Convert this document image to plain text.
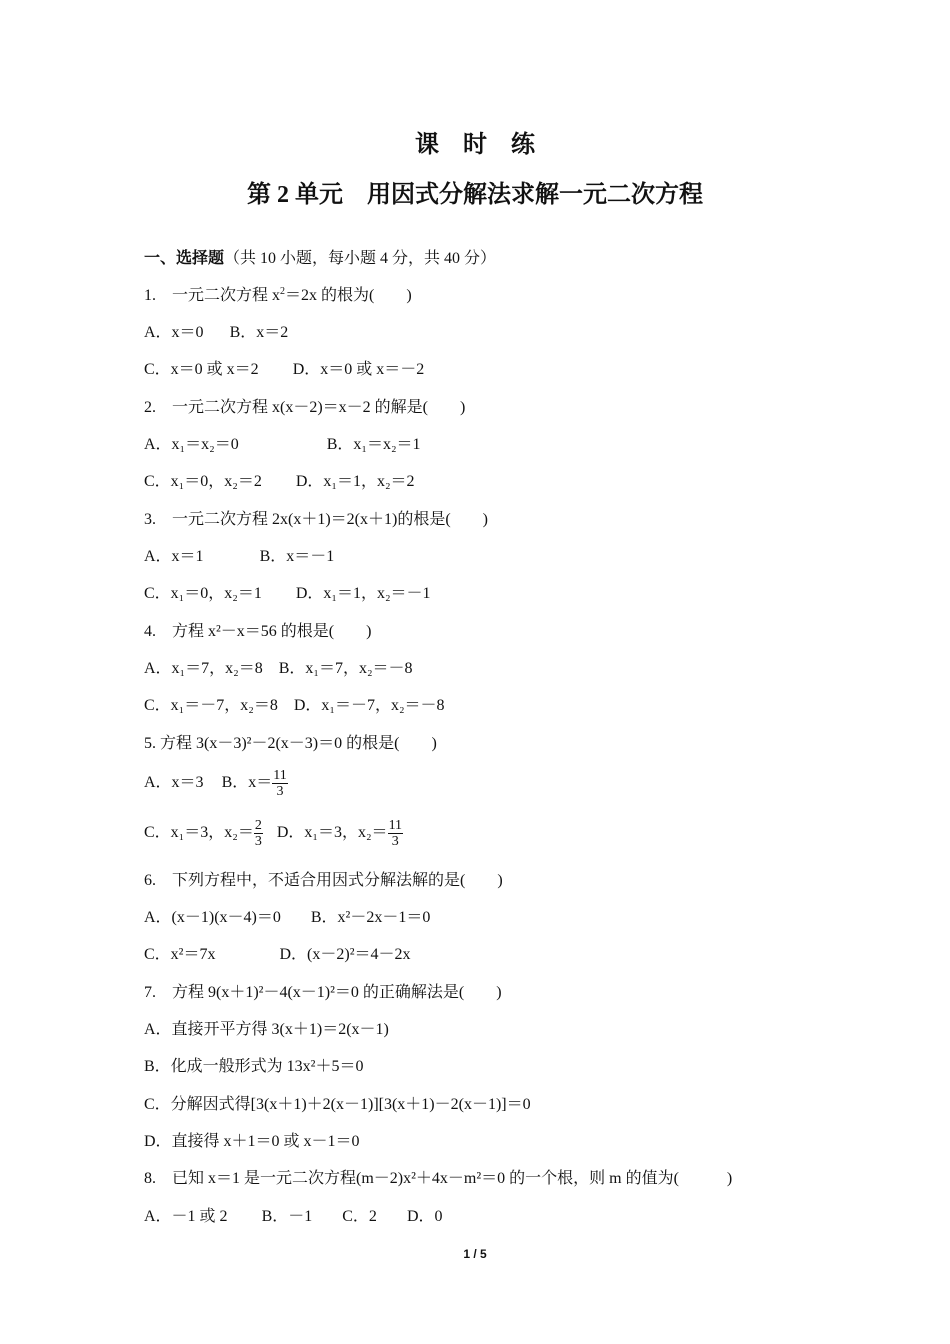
课　时　练
第 2 单元　用因式分解法求解一元二次方程
一、选择题（共 10 小题，每小题 4 分，共 40 分）
1.　一元二次方程 $x^2=2x$ 的根为(　　)
A．x＝0 B．x＝2
C．x＝0 或 x＝2 D．x＝0 或 x＝－2
2.　一元二次方程 x(x－2)＝x－2 的解是(　　)
A．x₁＝x₂＝0	B．x₁＝x₂＝1
C．x₁＝0，x₂＝2 D．x₁＝1，x₂＝2
3.　一元二次方程 2x(x＋1)＝2(x＋1)的根是(　　)
A．x＝1	B．x＝－1
C．x₁＝0，x₂＝1 D．x₁＝1，x₂＝－1
4.　方程 x²－x＝56 的根是(　　)
A．x₁＝7，x₂＝8 B．x₁＝7，x₂＝－8
C．x₁＝－7，x₂＝8 D．x₁＝－7，x₂＝－8
5. 方程 3(x－3)²－2(x－3)＝0 的根是(　　)
A．x＝3 B．$x= \frac{11}{3}$
C．x₁＝3，$x_2= \frac{2}{3}$ D．x₁＝3，$x_2= \frac{11}{3}$
6.　下列方程中，不适合用因式分解法解的是(　　)
A．(x－1)(x－4)＝0 B．x²－2x－1＝0
C．x²＝7x	D．(x－2)²＝4－2x
7.　方程 9(x＋1)²－4(x－1)²＝0 的正确解法是(　　)
A．直接开平方得 3(x＋1)＝2(x－1)
B．化成一般形式为 13x²＋5＝0
C．分解因式得[3(x＋1)＋2(x－1)][3(x＋1)－2(x－1)]＝0
D．直接得 x＋1＝0 或 x－1＝0
8.　已知 x＝1 是一元二次方程(m－2)x²＋4x－m²＝0 的一个根，则 m 的值为(　　　)
A．－1 或 2 B．－1 C．2 D．0
1 / 5
